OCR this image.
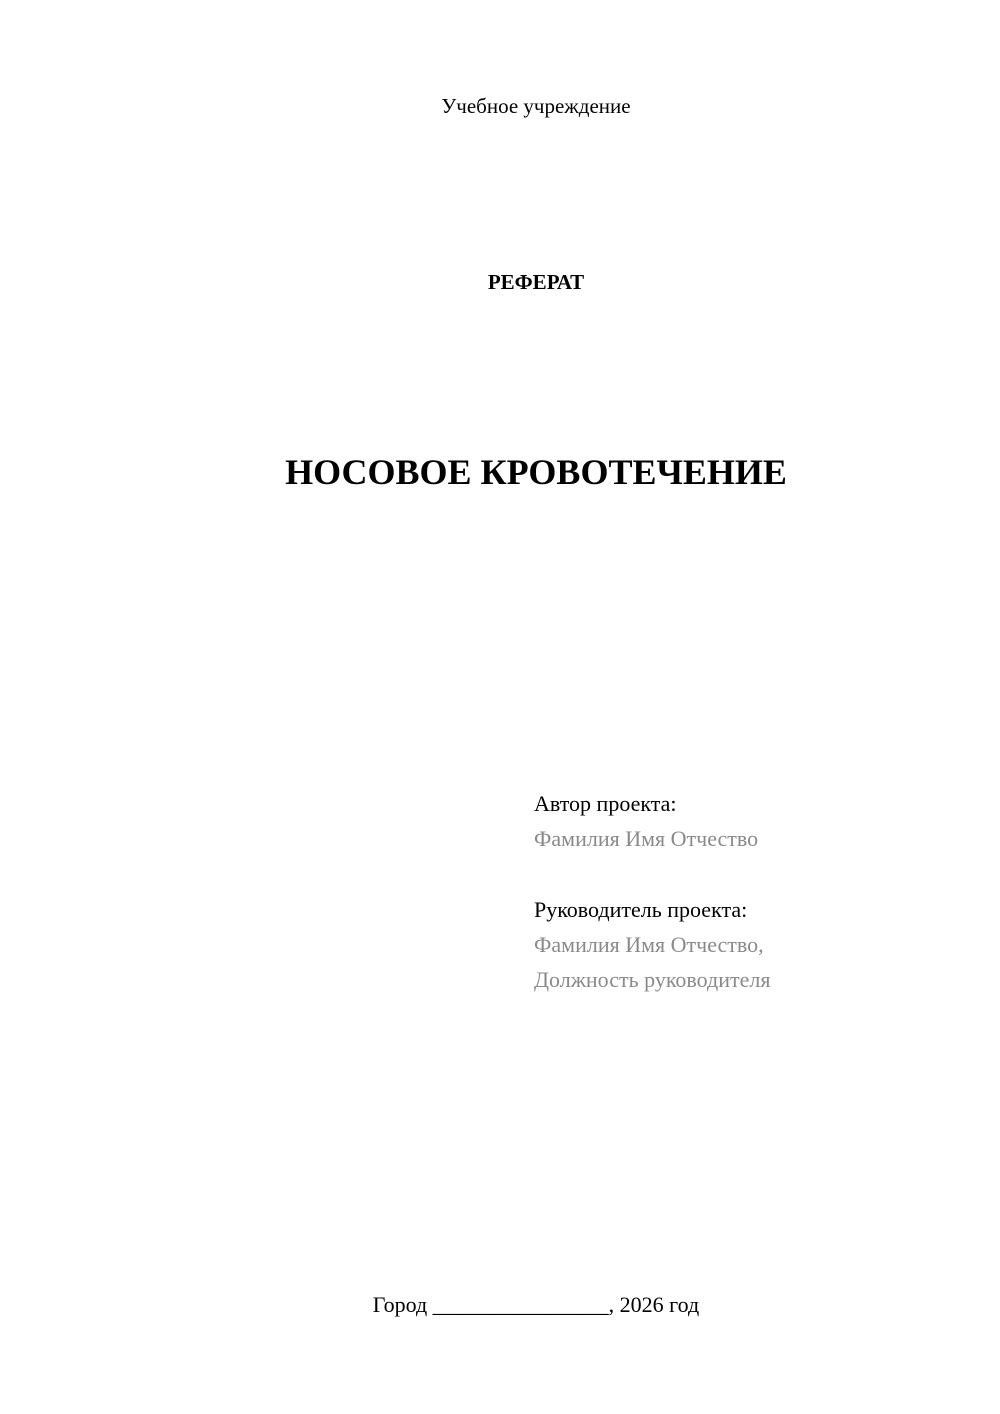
Учебное учреждение
РЕФЕРАТ
НОСОВОЕ КРОВОТЕЧЕНИЕ
Автор проекта:
Фамилия Имя Отчество
Руководитель проекта:
Фамилия Имя Отчество,
Должность руководителя
Город ________________, 2026 год
